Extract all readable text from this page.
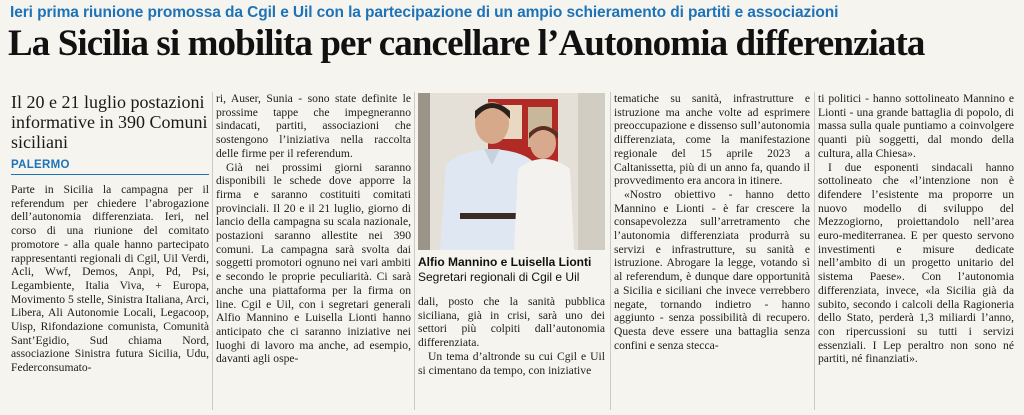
Ieri prima riunione promossa da Cgil e Uil con la partecipazione di un ampio schieramento di partiti e associazioni
La Sicilia si mobilita per cancellare l’Autonomia differenziata
Il 20 e 21 luglio postazioni informative in 390 Comuni siciliani
PALERMO

Parte in Sicilia la campagna per il referendum per chiedere l’abrogazione dell’autonomia differenziata. Ieri, nel corso di una riunione del comitato promotore - alla quale hanno partecipato rappresentanti regionali di Cgil, Uil Verdi, Acli, Wwf, Demos, Anpi, Pd, Psi, Legambiente, Italia Viva, + Europa, Movimento 5 stelle, Sinistra Italiana, Arci, Libera, Ali Autonomie Locali, Legacoop, Uisp, Rifondazione comunista, Comunità Sant’Egidio, Sud chiama Nord, associazione Sinistra futura Sicilia, Udu, Federconsumato-

ri, Auser, Sunia - sono state definite le prossime tappe che impegneranno sindacati, partiti, associazioni che sostengono l’iniziativa nella raccolta delle firme per il referendum.

Già nei prossimi giorni saranno disponibili le schede dove apporre la firma e saranno costituiti comitati provinciali. Il 20 e il 21 luglio, giorno di lancio della campagna su scala nazionale, postazioni saranno allestite nei 390 comuni. La campagna sarà svolta dai soggetti promotori ognuno nei vari ambiti e secondo le proprie peculiarità. Ci sarà anche una piattaforma per la firma on line. Cgil e Uil, con i segretari generali Alfio Mannino e Luisella Lionti hanno anticipato che ci saranno iniziative nei luoghi di lavoro ma anche, ad esempio, davanti agli ospe-

Alfio Mannino e Luisella Lionti
Segretari regionali di Cgil e Uil

dali, posto che la sanità pubblica siciliana, già in crisi, sarà uno dei settori più colpiti dall’autonomia differenziata.

Un tema d’altronde su cui Cgil e Uil si cimentano da tempo, con iniziative

tematiche su sanità, infrastrutture e istruzione ma anche volte ad esprimere preoccupazione e dissenso sull’autonomia differenziata, come la manifestazione regionale del 15 aprile 2023 a Caltanissetta, più di un anno fa, quando il provvedimento era ancora in itinere.

«Nostro obiettivo - hanno detto Mannino e Lionti - è far crescere la consapevolezza sull’arretramento che l’autonomia differenziata produrrà su servizi e infrastrutture, su sanità e istruzione. Abrogare la legge, votando sì al referendum, è dunque dare opportunità a Sicilia e siciliani che invece verrebbero negate, tornando indietro - hanno aggiunto - senza possibilità di recupero. Questa deve essere una battaglia senza confini e senza stecca-

ti politici - hanno sottolineato Mannino e Lionti - una grande battaglia di popolo, di massa sulla quale puntiamo a coinvolgere quanti più soggetti, dal mondo della cultura, alla Chiesa».

I due esponenti sindacali hanno sottolineato che «l’intenzione non è difendere l’esistente ma proporre un nuovo modello di sviluppo del Mezzogiorno, proiettandolo nell’area euro-mediterranea. E per questo servono investimenti e misure dedicate nell’ambito di un progetto unitario del sistema Paese». Con l’autonomia differenziata, invece, «la Sicilia già da subito, secondo i calcoli della Ragioneria dello Stato, perderà 1,3 miliardi l’anno, con ripercussioni su tutti i servizi essenziali. I Lep peraltro non sono né partiti, né finanziati».
